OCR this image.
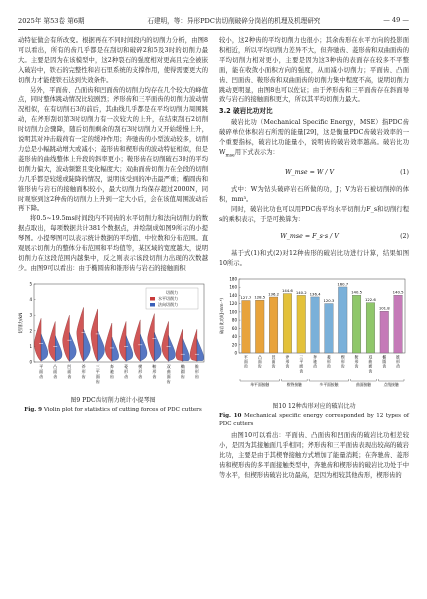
2025年 第53卷 第6期	石建明，等：异形PDC齿切削破碎分岗岩的机理及机理研究	— 49 —

动特征做会有所改变。根据再在不同时间段内的切削力分析，由图8可以看出，所有的齿几乎都是在刮切和破碎2和5及3时的切削力最大。主要是因为在该模型中，这2种裂石的强度相对更高且完全被嵌入破岩中，铁石的完整性和岩石里系统的支撑作用，使得需要更大的切削力才能使铁石达到失效条件。

另外，平面齿、凸面齿和凹面齿的切削力均存在几个较大的峰值点，同时整体跳动情况比较剧烈；斧形齿和三平面齿的切削力波动情况相似，在有切削石3的前后，其曲线几乎都是在平均切削力周围跳动，在斧形刮切第3时切削力有一次较大的上升，在结束刮石2切削时切削力会骤降，随后切削剩余的刮石3时切削力又开始缓慢上升，说明其对冲击载荷有一定的缓冲作用；奔驰齿的小型波动较多，切削力总是小幅跳动增大或减小；菱形齿和楔形齿的波动特征相似，但是菱形齿的曲线整体上升段的斜率更小；鞍形齿在切削破石3时的平均切削力偏大，波动频繁且变化幅度大；双曲面齿切削力在全段的切削力几乎都是较缓或陡降的情况，说明该受到的冲击最严重；椭圆齿和锥形齿与岩石的接触面积较小，最大切削力均保存超过2000N，同时观察到这2种齿的切削力上升到一定大小后，会在该值周围波动后再下降。

将0.5~19.5ms时间段内不同齿的水平切削力和法向切削力的数据点取出，每项数据共计381个数据点，并绘制成如图9所示的小提琴图。小提琴图可以表示统计数据的平均值、中位数和分布范围。直观展示切削力的整体分布范围和平均值等，某区域的宽度越大，说明切削力在这段范围内越集中，反之则表示该段切削力出现的次数越少。由图9可以看出：由于椭圆齿和锥形齿与岩石的接触面积

切削力/kN
0
1
2
3
4
5
平
面
齿
凸
面
齿
凹
面
齿
斧
形
齿
三
平
面
齿
奔
驰
齿
菱
形
齿
楔
形
齿
鞍
形
齿
双
曲
面
齿
椭
圆
齿
锥
形
齿
切削力
水平切削力
法向切削力
图9 PDC齿切削力统计小提琴图
Fig. 9 Violin plot for statistics of cutting forces of PDC cutters

较小，这2种齿的平均切削力也很小；其余齿形在水平方向的投影面积相近，所以平均切削力差异不大，但奔驰齿、菱形齿和双曲面齿的平均切削力相对更小，主要是因为这3种齿的表面存在较多不平整面，能在收敛小面积方向的强度，从而减小切削力；平面齿、凸面齿、凹面齿、鞍形齿和双曲面齿的切削力集中程度不高，说明切削力跳动更明显，由图8也可以佐证；由于斧形齿和三平面齿存在斜面导致与岩石的接触面积更大，所以其平均切削力最大。

3.2 破岩比功对比

破岩比功（Mechanical Specific Energy，MSE）指PDC齿破碎单位体积岩石所需的能量[29]，这是衡量PDC齿破岩效率的一个重要指标，破岩比功能量小，说明齿的破岩效率越高。破岩比功$W_{mse}$用下式表示为：

W_mse = W / V	(1)

式中：W为钻头破碎岩石所做的功，J；V为岩石被切削掉的体积，mm³。

同时，破岩比功也可以用PDC齿平均水平切削力F_s和切削行程s的乘积表示，于是可换算为：

W_mse = F_s·s / V	(2)

基于式(1)和式(2)对12种齿形的破岩比功进行计算，结果如图10所示。

破岩比功/(J·mm⁻³)
0
20
40
60
80
100
120
140
160
180
127.7
平
面
齿
128.5
凸
面
齿
136.2
凹
面
齿
144.6
斧
形
齿
140.2
三
平
面
齿
136.4
奔
驰
齿
120.3
菱
形
齿
160.7
楔
形
齿
140.5
鞍
形
齿
122.6
双
曲
面
齿
101.8
椭
圆
齿
140.5
锥
形
齿
单平面接触	楔脊接触	多平面接触	曲面接触	点线接触
图10 12种齿形对应的破岩比功
Fig. 10 Mechanical specific energy corresponded by 12 types of PDC cutters

由图10可以看出：平面齿、凸面齿和凹面齿的破岩比功相差较小，是因为其接触面几乎相同；斧形齿和三平面齿表现出较高的破岩比功，主要是由于其楔脊接触方式增加了能量消耗；在奔驰齿、菱形齿和楔形齿的多平面接触类型中，奔驰齿和楔形齿的破岩比功处于中等水平，但楔形齿破岩比功最高，是因为相较其他齿形，楔形齿的
